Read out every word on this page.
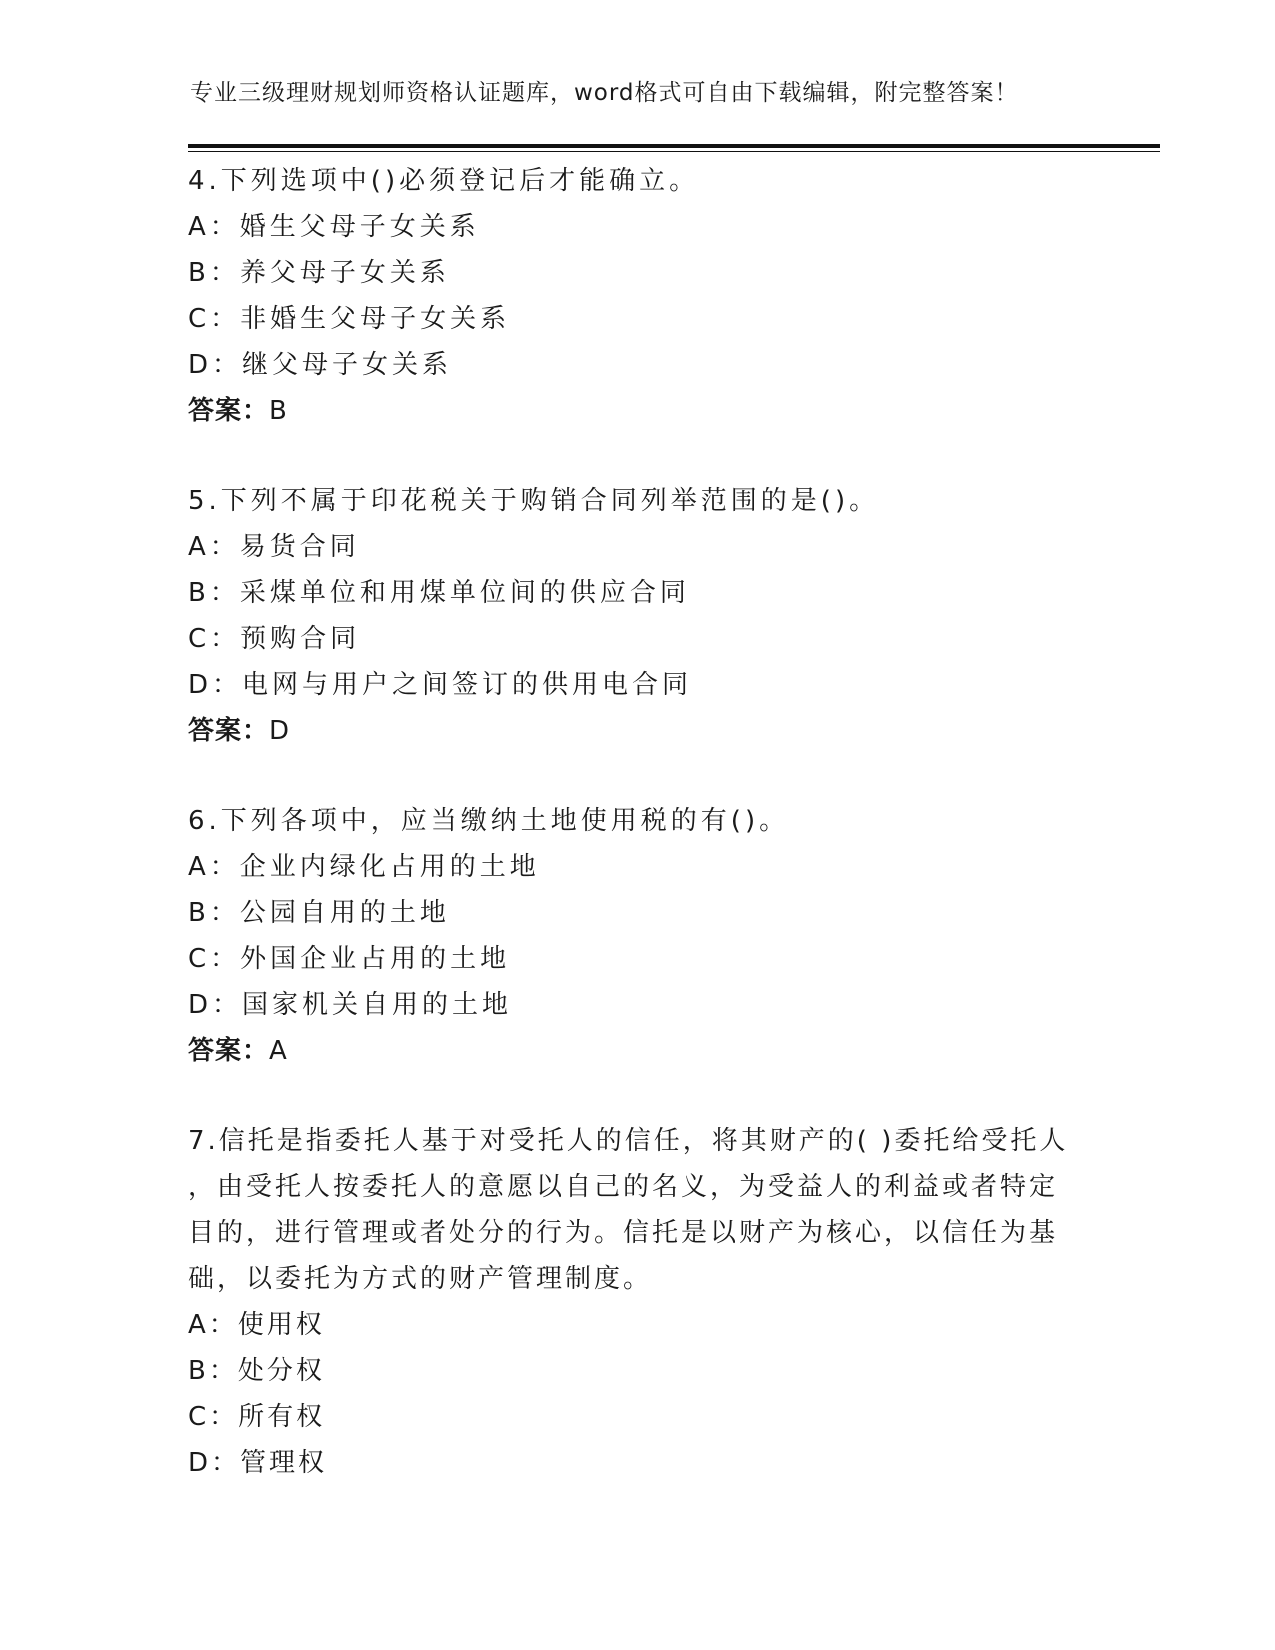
专业三级理财规划师资格认证题库，word格式可自由下载编辑，附完整答案！
4.下列选项中()必须登记后才能确立。
A：婚生父母子女关系
B：养父母子女关系
C：非婚生父母子女关系
D：继父母子女关系
答案：B
5.下列不属于印花税关于购销合同列举范围的是()。
A：易货合同
B：采煤单位和用煤单位间的供应合同
C：预购合同
D：电网与用户之间签订的供用电合同
答案：D
6.下列各项中，应当缴纳土地使用税的有()。
A：企业内绿化占用的土地
B：公园自用的土地
C：外国企业占用的土地
D：国家机关自用的土地
答案：A
7.信托是指委托人基于对受托人的信任，将其财产的( )委托给受托人
，由受托人按委托人的意愿以自己的名义，为受益人的利益或者特定
目的，进行管理或者处分的行为。信托是以财产为核心，以信任为基
础，以委托为方式的财产管理制度。
A：使用权
B：处分权
C：所有权
D：管理权
